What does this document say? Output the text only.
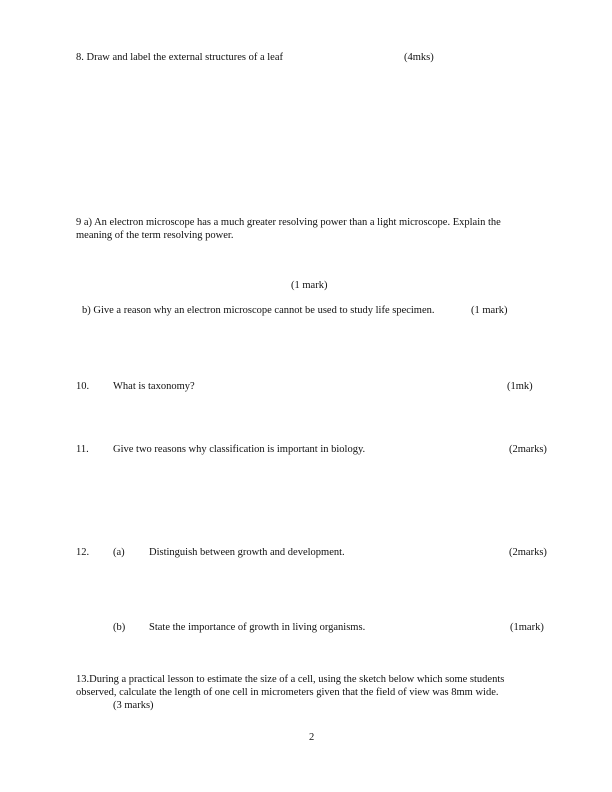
8. Draw and label the external structures of a leaf	(4mks)
9 a) An electron microscope has a much greater resolving power than a light microscope. Explain the
meaning of the term resolving power.
(1 mark)
b) Give a reason why an electron microscope cannot be used to study life specimen.	(1 mark)
10. What is taxonomy?	(1mk)
11. Give two reasons why classification is important in biology.	(2marks)
12. (a) Distinguish between growth and development.	(2marks)
(b) State the importance of growth in living organisms.	(1mark)
13.During a practical lesson to estimate the size of a cell, using the sketch below which some students
observed, calculate the length of one cell in micrometers given that the field of view was 8mm wide.
(3 marks)
2
